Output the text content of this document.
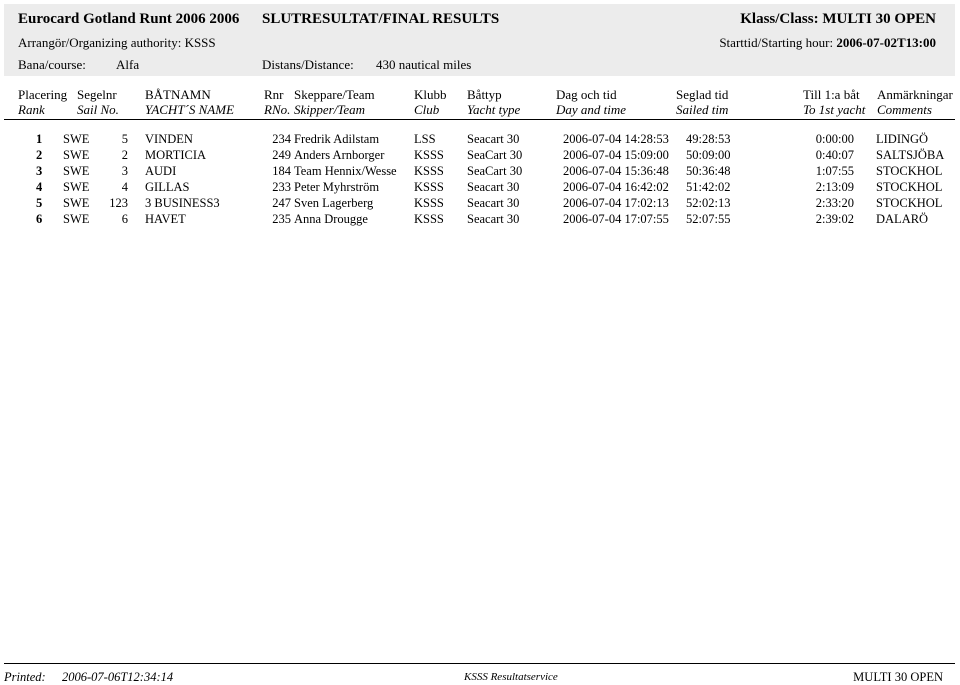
Eurocard Gotland Runt 2006 2006 SLUTRESULTAT/FINAL RESULTS	Klass/Class: MULTI 30 OPEN
Arrangör/Organizing authority: KSSS	Starttid/Starting hour: 2006-07-02T13:00
Bana/course: Alfa	Distans/Distance: 430 nautical miles
Placering Segelnr BÅTNAMN	Rnr Skeppare/Team	Klubb Båttyp	Dag och tid	Seglad tid	Till 1:a båt Anmärkningar
Rank Sail No. YACHT´S NAME RNo. Skipper/Team	Club Yacht type	Day and time	Sailed tim	To 1st yacht Comments
1 SWE	5 VINDEN	234 Fredrik Adilstam	LSS	Seacart 30	2006-07-04 14:28:53 49:28:53	0:00:00 LIDINGÖ
2 SWE	2 MORTICIA	249 Anders Arnborger	KSSS SeaCart 30	2006-07-04 15:09:00 50:09:00	0:40:07 SALTSJÖBA
3 SWE	3 AUDI	184 Team Hennix/Wesse	KSSS SeaCart 30	2006-07-04 15:36:48 50:36:48	1:07:55 STOCKHOL
4 SWE	4 GILLAS	233 Peter Myhrström	KSSS Seacart 30	2006-07-04 16:42:02 51:42:02	2:13:09 STOCKHOL
5 SWE	123 3 BUSINESS3	247 Sven Lagerberg	KSSS Seacart 30	2006-07-04 17:02:13 52:02:13	2:33:20 STOCKHOL
6 SWE	6 HAVET	235 Anna Drougge	KSSS Seacart 30	2006-07-04 17:07:55 52:07:55	2:39:02 DALARÖ
Printed: 2006-07-06T12:34:14	KSSS Resultatservice	MULTI 30 OPEN
